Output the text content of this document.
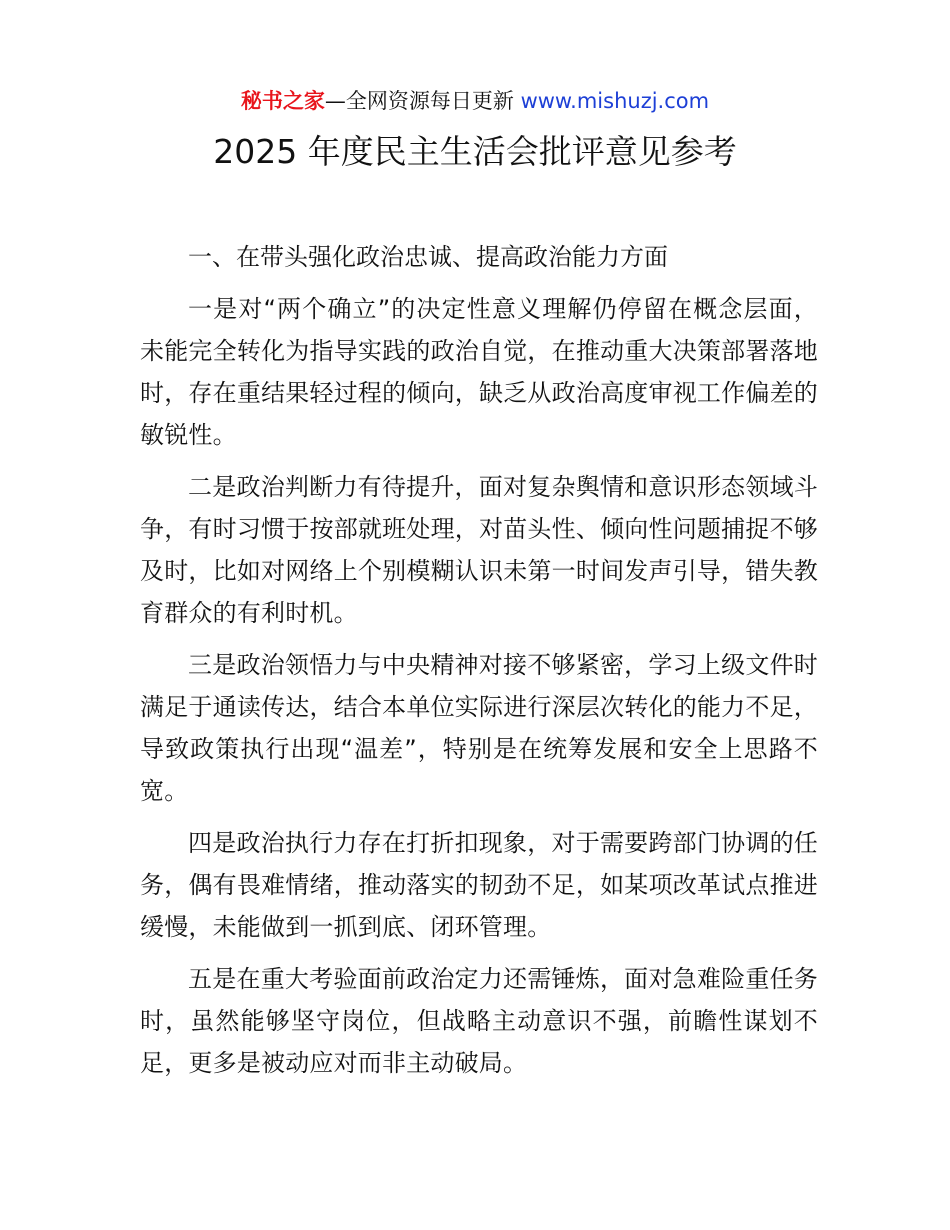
秘书之家—全网资源每日更新 www.mishuzj.com
2025 年度民主生活会批评意见参考

一、在带头强化政治忠诚、提高政治能力方面

一是对“两个确立”的决定性意义理解仍停留在概念层面，未能完全转化为指导实践的政治自觉，在推动重大决策部署落地时，存在重结果轻过程的倾向，缺乏从政治高度审视工作偏差的敏锐性。

二是政治判断力有待提升，面对复杂舆情和意识形态领域斗争，有时习惯于按部就班处理，对苗头性、倾向性问题捕捉不够及时，比如对网络上个别模糊认识未第一时间发声引导，错失教育群众的有利时机。

三是政治领悟力与中央精神对接不够紧密，学习上级文件时满足于通读传达，结合本单位实际进行深层次转化的能力不足，导致政策执行出现“温差”，特别是在统筹发展和安全上思路不宽。

四是政治执行力存在打折扣现象，对于需要跨部门协调的任务，偶有畏难情绪，推动落实的韧劲不足，如某项改革试点推进缓慢，未能做到一抓到底、闭环管理。

五是在重大考验面前政治定力还需锤炼，面对急难险重任务时，虽然能够坚守岗位，但战略主动意识不强，前瞻性谋划不足，更多是被动应对而非主动破局。
